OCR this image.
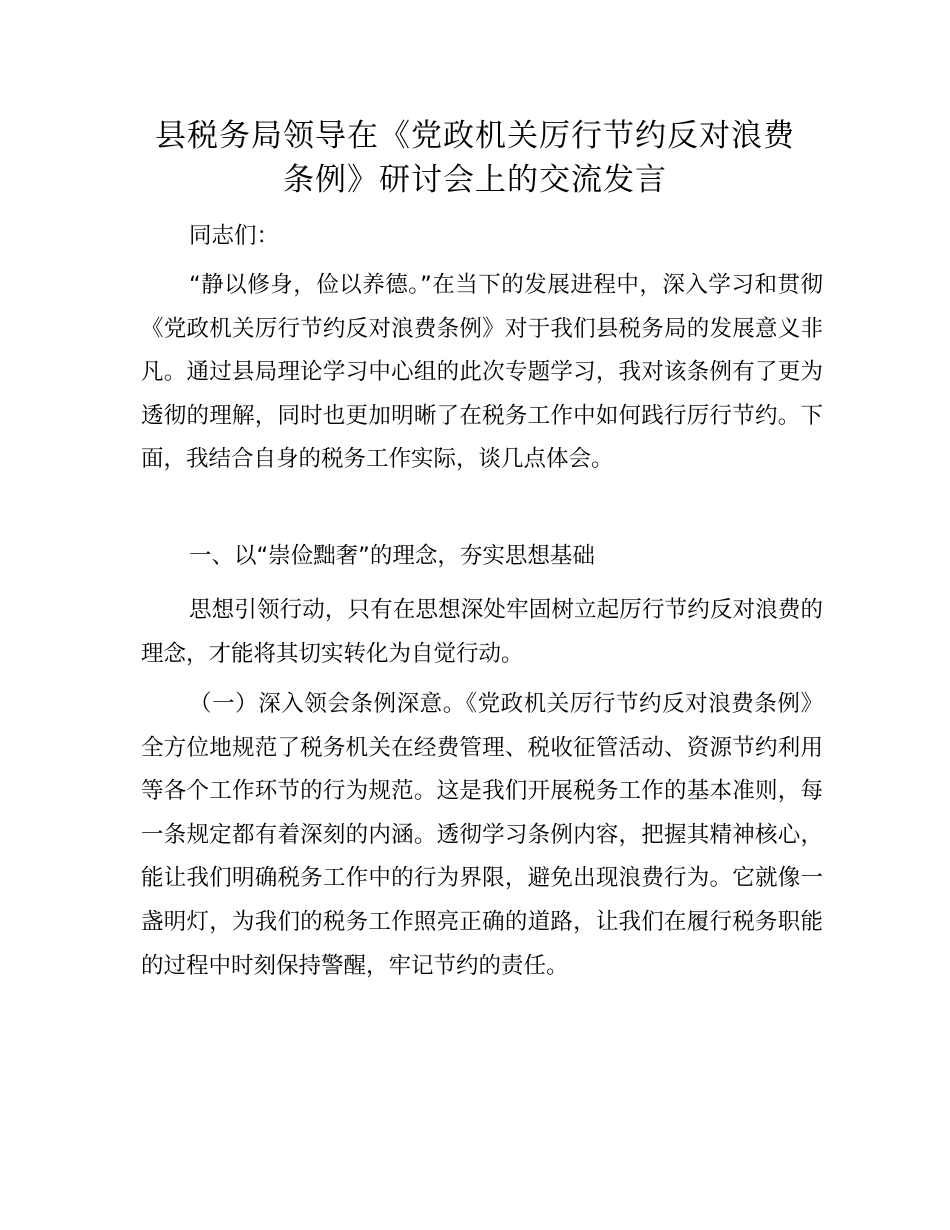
县税务局领导在《党政机关厉行节约反对浪费
条例》研讨会上的交流发言

同志们：

“静以修身，俭以养德。”在当下的发展进程中，深入学习和贯彻《党政机关厉行节约反对浪费条例》对于我们县税务局的发展意义非凡。通过县局理论学习中心组的此次专题学习，我对该条例有了更为透彻的理解，同时也更加明晰了在税务工作中如何践行厉行节约。下面，我结合自身的税务工作实际，谈几点体会。

一、以“崇俭黜奢”的理念，夯实思想基础

思想引领行动，只有在思想深处牢固树立起厉行节约反对浪费的理念，才能将其切实转化为自觉行动。

（一）深入领会条例深意。《党政机关厉行节约反对浪费条例》全方位地规范了税务机关在经费管理、税收征管活动、资源节约利用等各个工作环节的行为规范。这是我们开展税务工作的基本准则，每一条规定都有着深刻的内涵。透彻学习条例内容，把握其精神核心，能让我们明确税务工作中的行为界限，避免出现浪费行为。它就像一盏明灯，为我们的税务工作照亮正确的道路，让我们在履行税务职能的过程中时刻保持警醒，牢记节约的责任。
